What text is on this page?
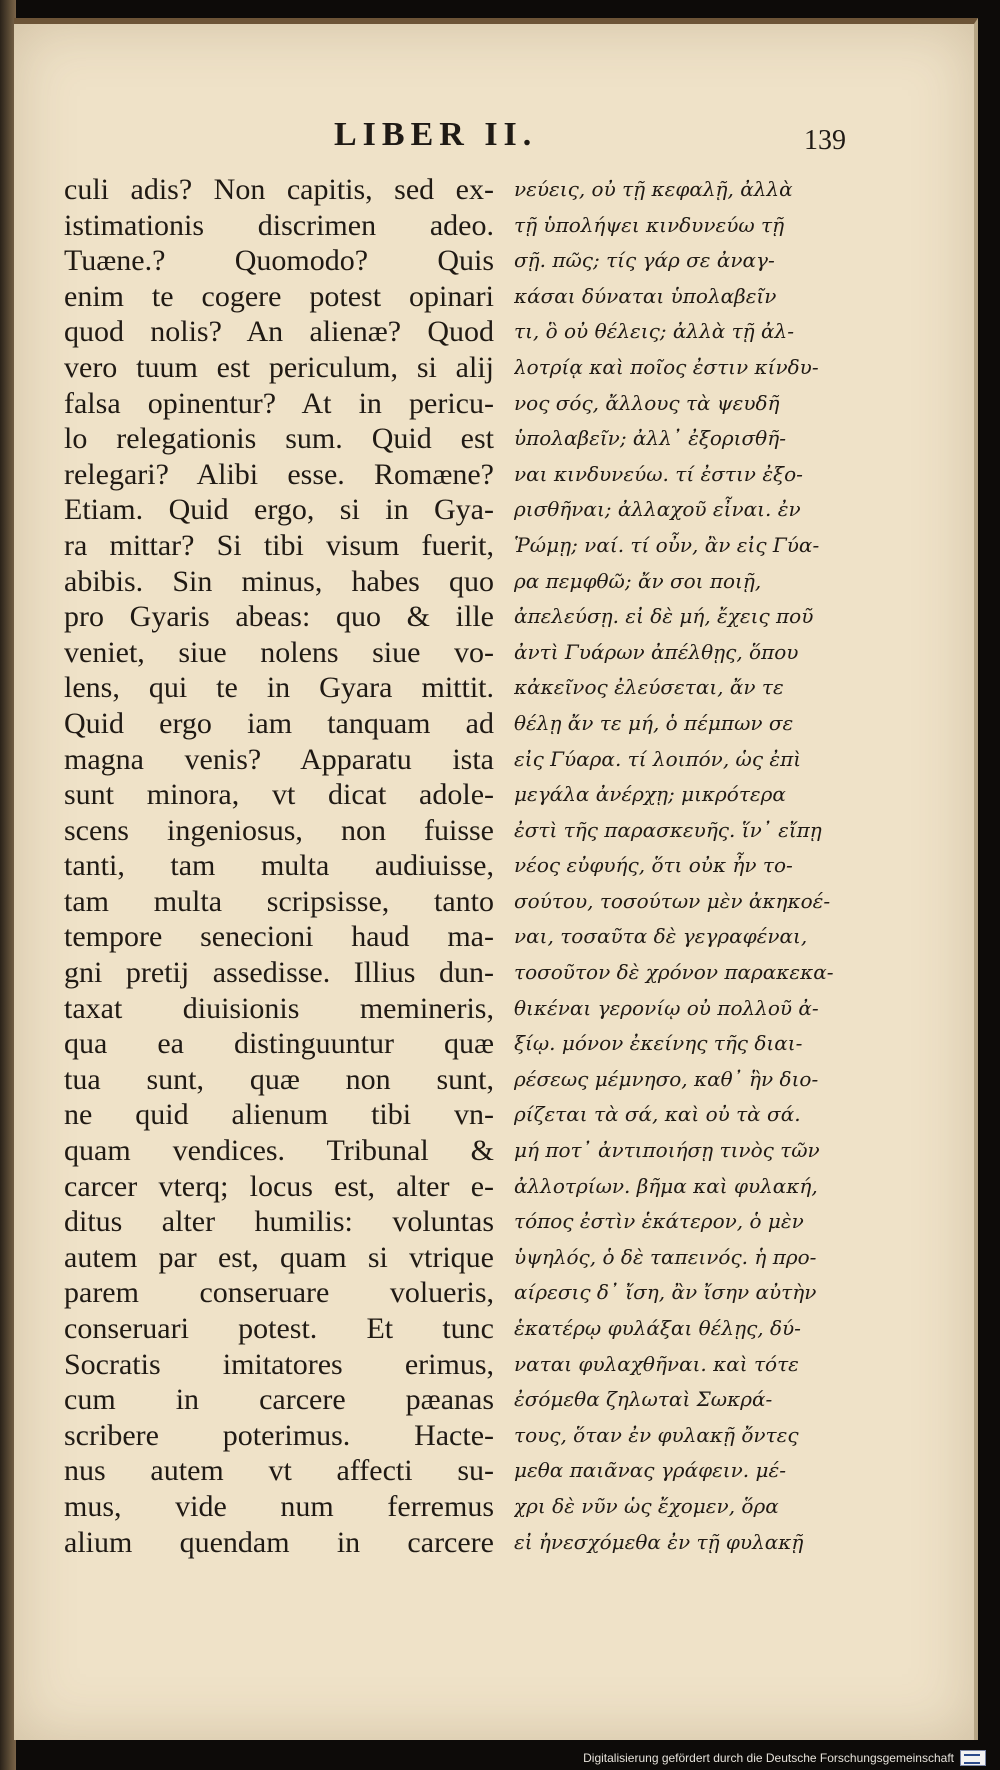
LIBER II.	139
culi adis? Non capitis, sed ex-
istimationis discrimen adeo.
Tuæne.? Quomodo? Quis
enim te cogere potest opinari
quod nolis? An alienæ? Quod
vero tuum est periculum, si alij
falsa opinentur? At in pericu-
lo relegationis sum. Quid est
relegari? Alibi esse. Romæne?
Etiam. Quid ergo, si in Gya-
ra mittar? Si tibi visum fuerit,
abibis. Sin minus, habes quo
pro Gyaris abeas: quo & ille
veniet, siue nolens siue vo-
lens, qui te in Gyara mittit.
Quid ergo iam tanquam ad
magna venis? Apparatu ista
sunt minora, vt dicat adole-
scens ingeniosus, non fuisse
tanti, tam multa audiuisse,
tam multa scripsisse, tanto
tempore senecioni haud ma-
gni pretij assedisse. Illius dun-
taxat diuisionis memineris,
qua ea distinguuntur quæ
tua sunt, quæ non sunt,
ne quid alienum tibi vn-
quam vendices. Tribunal &
carcer vterq; locus est, alter e-
ditus alter humilis: voluntas
autem par est, quam si vtrique
parem conseruare volueris,
conseruari potest. Et tunc
Socratis imitatores erimus,
cum in carcere pæanas
scribere poterimus. Hacte-
nus autem vt affecti su-
mus, vide num ferremus
alium quendam in carcere
νεύεις, οὐ τῇ κεφαλῇ, ἀλλὰ
τῇ ὑπολήψει κινδυνεύω τῇ
σῇ. πῶς; τίς γάρ σε ἀναγ-
κάσαι δύναται ὑπολαβεῖν
τι, ὃ οὐ θέλεις; ἀλλὰ τῇ ἀλ-
λοτρίᾳ καὶ ποῖος ἐστιν κίνδυ-
νος σός, ἄλλους τὰ ψευδῆ
ὑπολαβεῖν; ἀλλ᾽ ἐξορισθῆ-
ναι κινδυνεύω. τί ἐστιν ἐξο-
ρισθῆναι; ἀλλαχοῦ εἶναι. ἐν
Ῥώμῃ; ναί. τί οὖν, ἂν εἰς Γύα-
ρα πεμφθῶ; ἄν σοι ποιῇ,
ἀπελεύσῃ. εἰ δὲ μή, ἔχεις ποῦ
ἀντὶ Γυάρων ἀπέλθῃς, ὅπου
κἀκεῖνος ἐλεύσεται, ἄν τε
θέλῃ ἄν τε μή, ὁ πέμπων σε
εἰς Γύαρα. τί λοιπόν, ὡς ἐπὶ
μεγάλα ἀνέρχῃ; μικρότερα
ἐστὶ τῆς παρασκευῆς. ἵν᾽ εἴπῃ
νέος εὐφυής, ὅτι οὐκ ἦν το-
σούτου, τοσούτων μὲν ἀκηκοέ-
ναι, τοσαῦτα δὲ γεγραφέναι,
τοσοῦτον δὲ χρόνον παρακεκα-
θικέναι γερονίῳ οὐ πολλοῦ ἀ-
ξίῳ. μόνον ἐκείνης τῆς διαι-
ρέσεως μέμνησο, καθ᾽ ἣν διο-
ρίζεται τὰ σά, καὶ οὐ τὰ σά.
μή ποτ᾽ ἀντιποιήσῃ τινὸς τῶν
ἀλλοτρίων. βῆμα καὶ φυλακή,
τόπος ἐστὶν ἑκάτερον, ὁ μὲν
ὑψηλός, ὁ δὲ ταπεινός. ἡ προ-
αίρεσις δ᾽ ἴση, ἂν ἴσην αὐτὴν
ἑκατέρῳ φυλάξαι θέλῃς, δύ-
ναται φυλαχθῆναι. καὶ τότε
ἐσόμεθα ζηλωταὶ Σωκρά-
τους, ὅταν ἐν φυλακῇ ὄντες
μεθα παιᾶνας γράφειν. μέ-
χρι δὲ νῦν ὡς ἔχομεν, ὅρα
εἰ ἠνεσχόμεθα ἐν τῇ φυλακῇ
Digitalisierung gefördert durch die Deutsche Forschungsgemeinschaft
